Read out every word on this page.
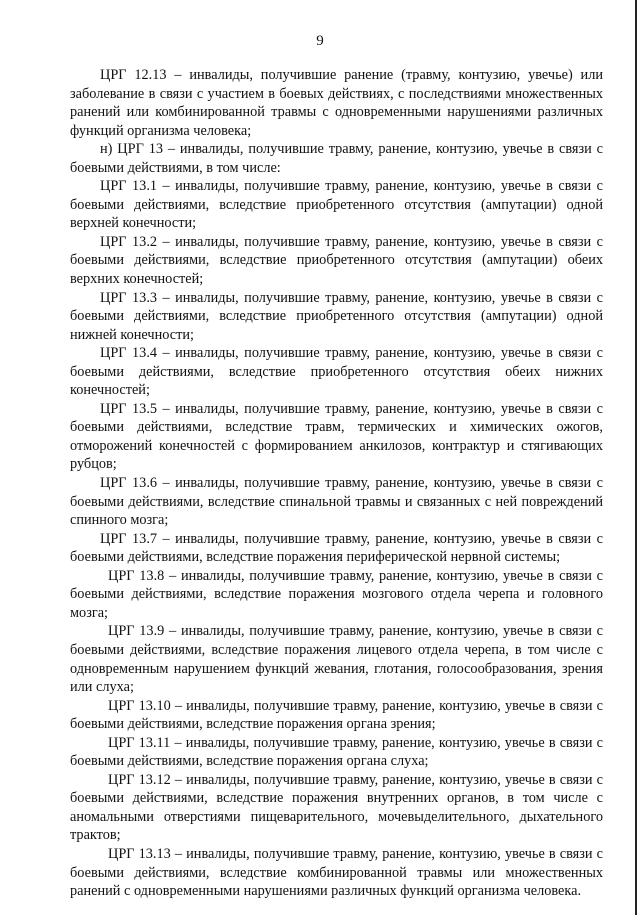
9

ЦРГ 12.13 – инвалиды, получившие ранение (травму, контузию, увечье) или заболевание в связи с участием в боевых действиях, с последствиями множественных ранений или комбинированной травмы с одновременными нарушениями различных функций организма человека;

н) ЦРГ 13 – инвалиды, получившие травму, ранение, контузию, увечье в связи с боевыми действиями, в том числе:

ЦРГ 13.1 – инвалиды, получившие травму, ранение, контузию, увечье в связи с боевыми действиями, вследствие приобретенного отсутствия (ампутации) одной верхней конечности;

ЦРГ 13.2 – инвалиды, получившие травму, ранение, контузию, увечье в связи с боевыми действиями, вследствие приобретенного отсутствия (ампутации) обеих верхних конечностей;

ЦРГ 13.3 – инвалиды, получившие травму, ранение, контузию, увечье в связи с боевыми действиями, вследствие приобретенного отсутствия (ампутации) одной нижней конечности;

ЦРГ 13.4 – инвалиды, получившие травму, ранение, контузию, увечье в связи с боевыми действиями, вследствие приобретенного отсутствия обеих нижних конечностей;

ЦРГ 13.5 – инвалиды, получившие травму, ранение, контузию, увечье в связи с боевыми действиями, вследствие травм, термических и химических ожогов, отморожений конечностей с формированием анкилозов, контрактур и стягивающих рубцов;

ЦРГ 13.6 – инвалиды, получившие травму, ранение, контузию, увечье в связи с боевыми действиями, вследствие спинальной травмы и связанных с ней повреждений спинного мозга;

ЦРГ 13.7 – инвалиды, получившие травму, ранение, контузию, увечье в связи с боевыми действиями, вследствие поражения периферической нервной системы;

ЦРГ 13.8 – инвалиды, получившие травму, ранение, контузию, увечье в связи с боевыми действиями, вследствие поражения мозгового отдела черепа и головного мозга;

ЦРГ 13.9 – инвалиды, получившие травму, ранение, контузию, увечье в связи с боевыми действиями, вследствие поражения лицевого отдела черепа, в том числе с одновременным нарушением функций жевания, глотания, голосообразования, зрения или слуха;

ЦРГ 13.10 – инвалиды, получившие травму, ранение, контузию, увечье в связи с боевыми действиями, вследствие поражения органа зрения;

ЦРГ 13.11 – инвалиды, получившие травму, ранение, контузию, увечье в связи с боевыми действиями, вследствие поражения органа слуха;

ЦРГ 13.12 – инвалиды, получившие травму, ранение, контузию, увечье в связи с боевыми действиями, вследствие поражения внутренних органов, в том числе с аномальными отверстиями пищеварительного, мочевыделительного, дыхательного трактов;

ЦРГ 13.13 – инвалиды, получившие травму, ранение, контузию, увечье в связи с боевыми действиями, вследствие комбинированной травмы или множественных ранений с одновременными нарушениями различных функций организма человека.
